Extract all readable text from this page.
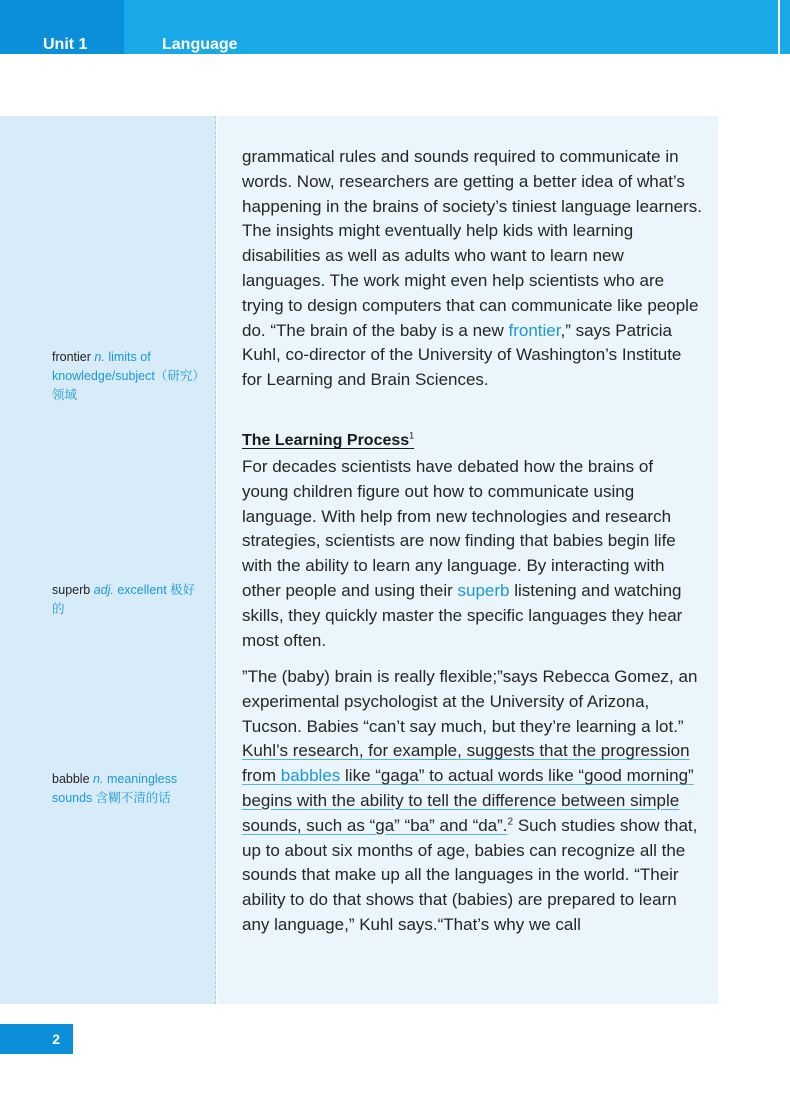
Unit 1	Language
frontier n. limits of knowledge/subject（研究）领域
superb adj. excellent 极好的
babble n. meaningless sounds 含糊不清的话

grammatical rules and sounds required to communicate in words. Now, researchers are getting a better idea of what’s happening in the brains of society’s tiniest language learners. The insights might eventually help kids with learning disabilities as well as adults who want to learn new languages. The work might even help scientists who are trying to design computers that can communicate like people do. “The brain of the baby is a new frontier,” says Patricia Kuhl, co-director of the University of Washington’s Institute for Learning and Brain Sciences.

The Learning Process$^1$

For decades scientists have debated how the brains of young children figure out how to communicate using language. With help from new technologies and research strategies, scientists are now finding that babies begin life with the ability to learn any language. By interacting with other people and using their superb listening and watching skills, they quickly master the specific languages they hear most often.

”The (baby) brain is really flexible;”says Rebecca Gomez, an experimental psychologist at the University of Arizona, Tucson. Babies “can’t say much, but they’re learning a lot.” Kuhl’s research, for example, suggests that the progression from babbles like “gaga” to actual words like “good morning” begins with the ability to tell the difference between simple sounds, such as “ga” “ba” and “da”.$^2$ Such studies show that, up to about six months of age, babies can recognize all the sounds that make up all the languages in the world. “Their ability to do that shows that (babies) are prepared to learn any language,” Kuhl says.“That’s why we call

2
